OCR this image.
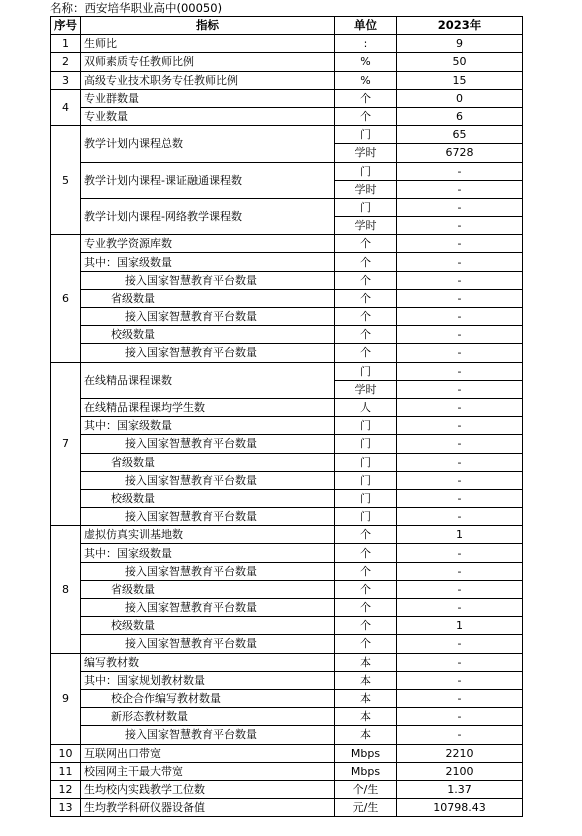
名称：西安培华职业高中(00050)
序号	指标	单位	2023年
1	生师比	:	9
2	双师素质专任教师比例	%	50
3	高级专业技术职务专任教师比例	%	15
4	专业群数量	个	0
	专业数量	个	6
5	教学计划内课程总数	门	65
		学时	6728
	教学计划内课程-课证融通课程数	门	-
		学时	-
	教学计划内课程-网络教学课程数	门	-
		学时	-
6	专业教学资源库数	个	-
	其中：国家级数量	个	-
	接入国家智慧教育平台数量	个	-
	省级数量	个	-
	接入国家智慧教育平台数量	个	-
	校级数量	个	-
	接入国家智慧教育平台数量	个	-
7	在线精品课程课数	门	-
		学时	-
	在线精品课程课均学生数	人	-
	其中：国家级数量	门	-
	接入国家智慧教育平台数量	门	-
	省级数量	门	-
	接入国家智慧教育平台数量	门	-
	校级数量	门	-
	接入国家智慧教育平台数量	门	-
8	虚拟仿真实训基地数	个	1
	其中：国家级数量	个	-
	接入国家智慧教育平台数量	个	-
	省级数量	个	-
	接入国家智慧教育平台数量	个	-
	校级数量	个	1
	接入国家智慧教育平台数量	个	-
9	编写教材数	本	-
	其中：国家规划教材数量	本	-
	校企合作编写教材数量	本	-
	新形态教材数量	本	-
	接入国家智慧教育平台数量	本	-
10	互联网出口带宽	Mbps	2210
11	校园网主干最大带宽	Mbps	2100
12	生均校内实践教学工位数	个/生	1.37
13	生均教学科研仪器设备值	元/生	10798.43
